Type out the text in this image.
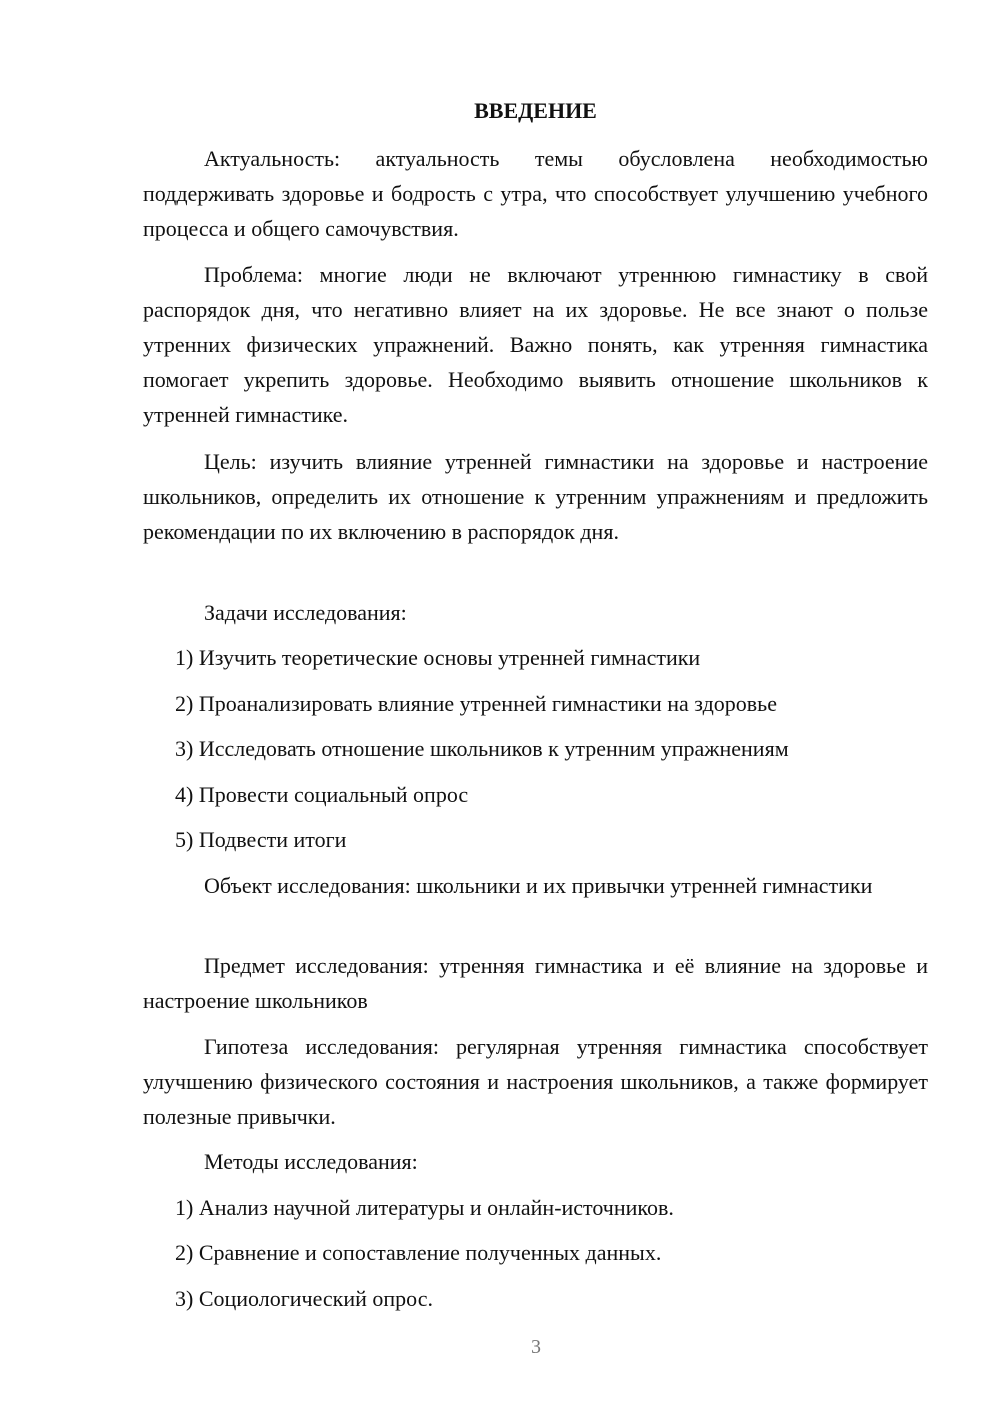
ВВЕДЕНИЕ

Актуальность: актуальность темы обусловлена необходимостью поддерживать здоровье и бодрость с утра, что способствует улучшению учебного процесса и общего самочувствия.

Проблема: многие люди не включают утреннюю гимнастику в свой распорядок дня, что негативно влияет на их здоровье. Не все знают о пользе утренних физических упражнений. Важно понять, как утренняя гимнастика помогает укрепить здоровье. Необходимо выявить отношение школьников к утренней гимнастике.

Цель: изучить влияние утренней гимнастики на здоровье и настроение школьников, определить их отношение к утренним упражнениям и предложить рекомендации по их включению в распорядок дня.

Задачи исследования:

1) Изучить теоретические основы утренней гимнастики

2) Проанализировать влияние утренней гимнастики на здоровье

3) Исследовать отношение школьников к утренним упражнениям

4) Провести социальный опрос

5) Подвести итоги

Объект исследования: школьники и их привычки утренней гимнастики

Предмет исследования: утренняя гимнастика и её влияние на здоровье и настроение школьников

Гипотеза исследования: регулярная утренняя гимнастика способствует улучшению физического состояния и настроения школьников, а также формирует полезные привычки.

Методы исследования:

1) Анализ научной литературы и онлайн-источников.

2) Сравнение и сопоставление полученных данных.

3) Социологический опрос.

3
